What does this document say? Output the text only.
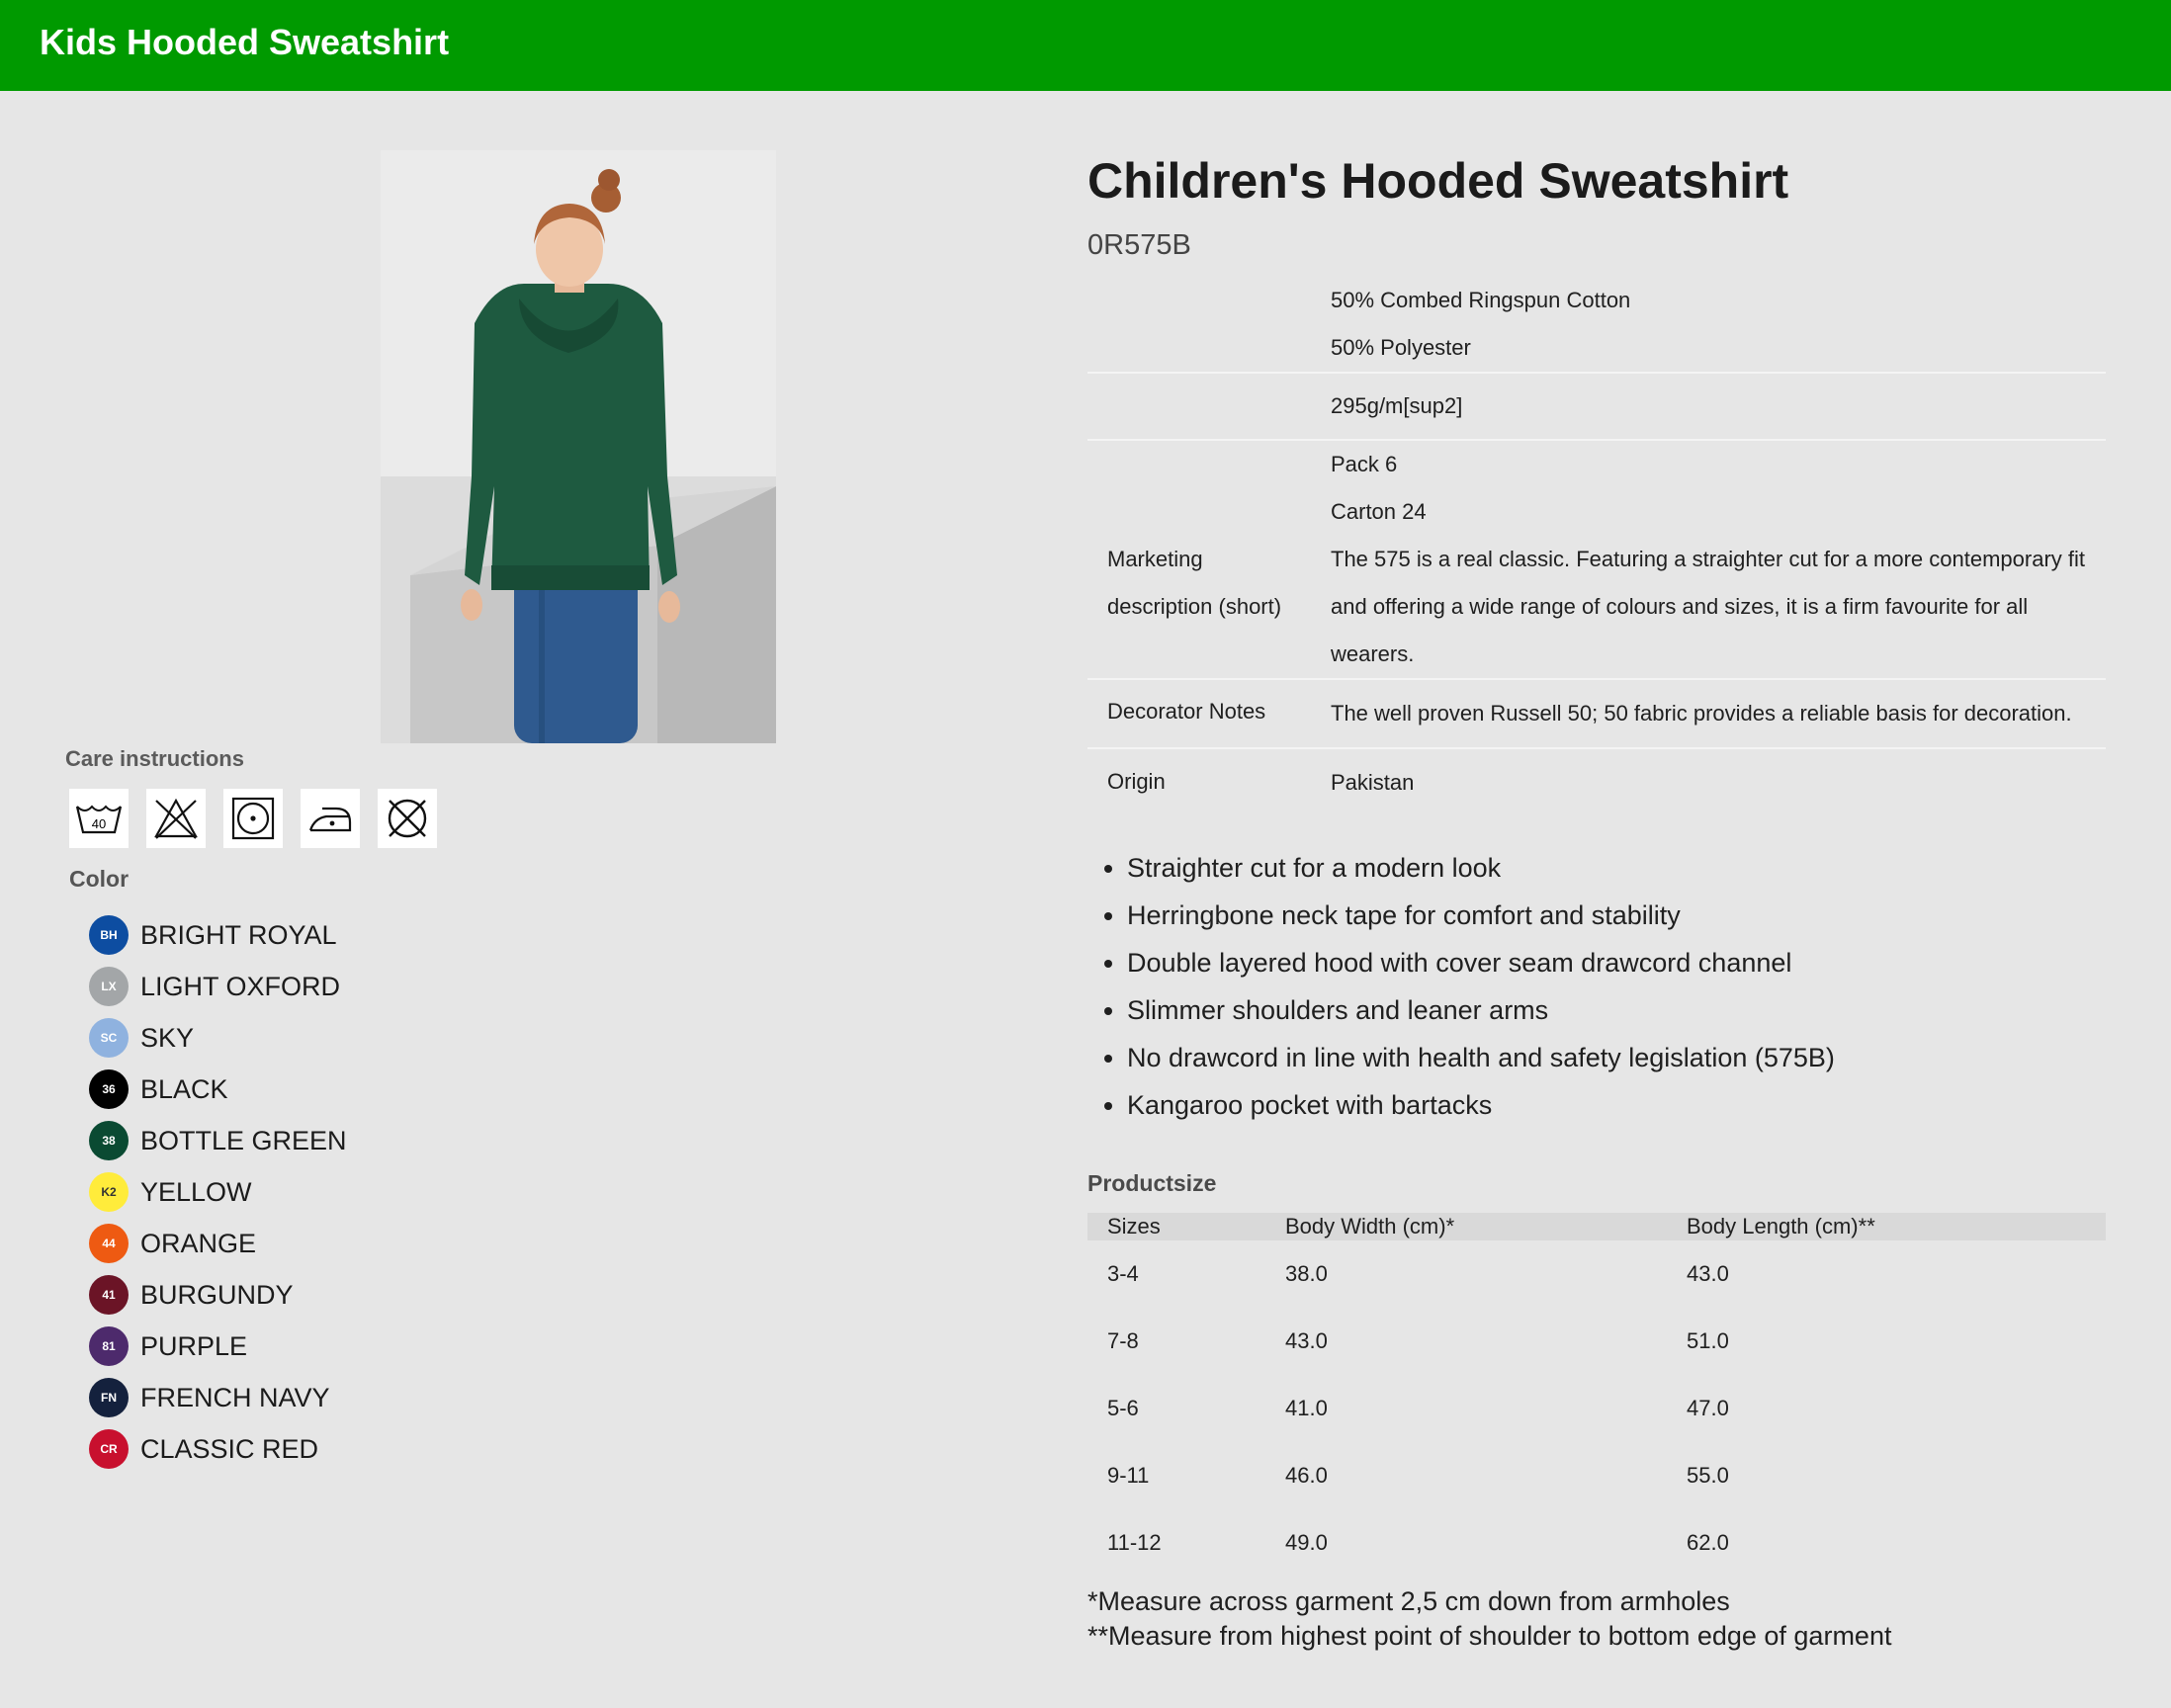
Kids Hooded Sweatshirt
Care instructions
40
Color
BH BRIGHT ROYAL
LX LIGHT OXFORD
SC SKY
36 BLACK
38 BOTTLE GREEN
K2 YELLOW
44 ORANGE
41 BURGUNDY
81 PURPLE
FN FRENCH NAVY
CR CLASSIC RED
Children's Hooded Sweatshirt
0R575B
	50% Combed Ringspun Cotton
	50% Polyester
	295g/m[sup2]
	Pack 6
	Carton 24
Marketing
description (short)	The 575 is a real classic. Featuring a straighter cut for a more contemporary fit and offering a wide range of colours and sizes, it is a firm favourite for all wearers.
Decorator Notes	The well proven Russell 50; 50 fabric provides a reliable basis for decoration.
Origin	Pakistan
• Straighter cut for a modern look
• Herringbone neck tape for comfort and stability
• Double layered hood with cover seam drawcord channel
• Slimmer shoulders and leaner arms
• No drawcord in line with health and safety legislation (575B)
• Kangaroo pocket with bartacks
Productsize
Sizes	Body Width (cm)*	Body Length (cm)**
3-4	38.0	43.0
7-8	43.0	51.0
5-6	41.0	47.0
9-11	46.0	55.0
11-12	49.0	62.0
*Measure across garment 2,5 cm down from armholes
**Measure from highest point of shoulder to bottom edge of garment
